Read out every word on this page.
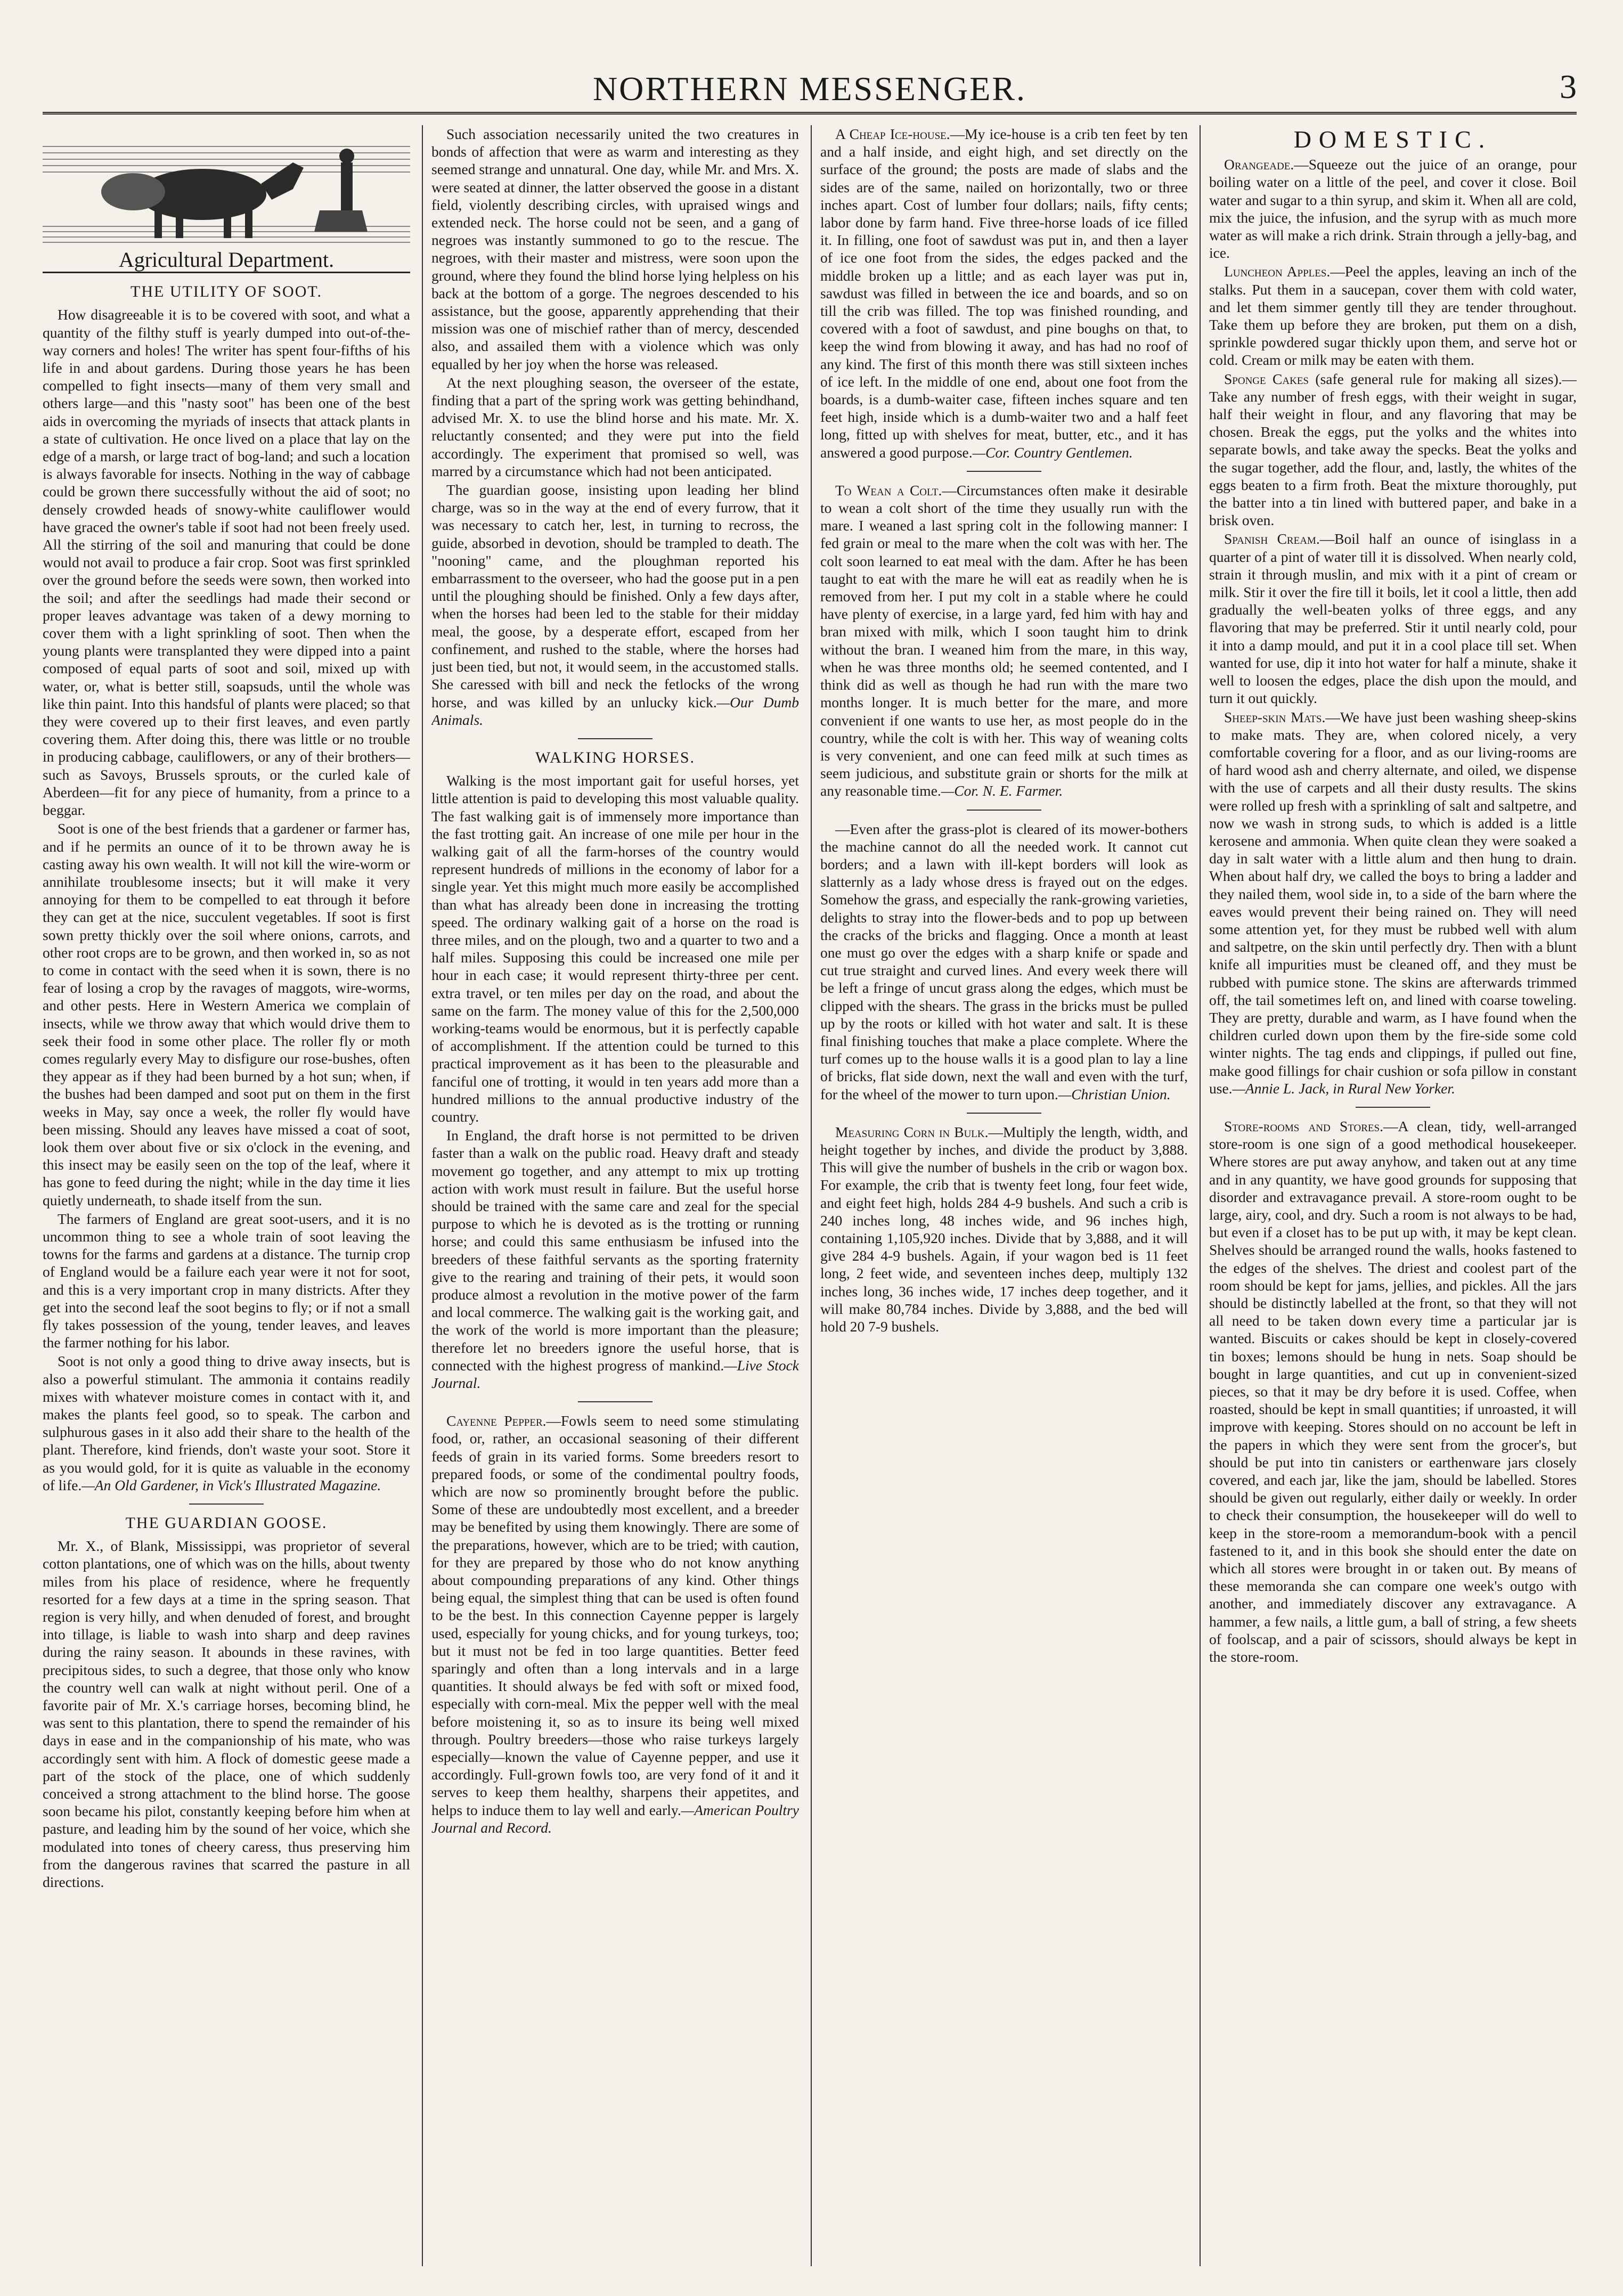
NORTHERN MESSENGER.	3
Agricultural Department.
THE UTILITY OF SOOT.

How disagreeable it is to be covered with soot, and what a quantity of the filthy stuff is yearly dumped into out-of-the-way corners and holes! The writer has spent four-fifths of his life in and about gardens. During those years he has been compelled to fight insects—many of them very small and others large—and this "nasty soot" has been one of the best aids in overcoming the myriads of insects that attack plants in a state of cultivation. He once lived on a place that lay on the edge of a marsh, or large tract of bog-land; and such a location is always favorable for insects. Nothing in the way of cabbage could be grown there successfully without the aid of soot; no densely crowded heads of snowy-white cauliflower would have graced the owner's table if soot had not been freely used. All the stirring of the soil and manuring that could be done would not avail to produce a fair crop. Soot was first sprinkled over the ground before the seeds were sown, then worked into the soil; and after the seedlings had made their second or proper leaves advantage was taken of a dewy morning to cover them with a light sprinkling of soot. Then when the young plants were transplanted they were dipped into a paint composed of equal parts of soot and soil, mixed up with water, or, what is better still, soapsuds, until the whole was like thin paint. Into this handsful of plants were placed; so that they were covered up to their first leaves, and even partly covering them. After doing this, there was little or no trouble in producing cabbage, cauliflowers, or any of their brothers—such as Savoys, Brussels sprouts, or the curled kale of Aberdeen—fit for any piece of humanity, from a prince to a beggar.

Soot is one of the best friends that a gardener or farmer has, and if he permits an ounce of it to be thrown away he is casting away his own wealth. It will not kill the wire-worm or annihilate troublesome insects; but it will make it very annoying for them to be compelled to eat through it before they can get at the nice, succulent vegetables. If soot is first sown pretty thickly over the soil where onions, carrots, and other root crops are to be grown, and then worked in, so as not to come in contact with the seed when it is sown, there is no fear of losing a crop by the ravages of maggots, wire-worms, and other pests. Here in Western America we complain of insects, while we throw away that which would drive them to seek their food in some other place. The roller fly or moth comes regularly every May to disfigure our rose-bushes, often they appear as if they had been burned by a hot sun; when, if the bushes had been damped and soot put on them in the first weeks in May, say once a week, the roller fly would have been missing. Should any leaves have missed a coat of soot, look them over about five or six o'clock in the evening, and this insect may be easily seen on the top of the leaf, where it has gone to feed during the night; while in the day time it lies quietly underneath, to shade itself from the sun.

The farmers of England are great soot-users, and it is no uncommon thing to see a whole train of soot leaving the towns for the farms and gardens at a distance. The turnip crop of England would be a failure each year were it not for soot, and this is a very important crop in many districts. After they get into the second leaf the soot begins to fly; or if not a small fly takes possession of the young, tender leaves, and leaves the farmer nothing for his labor.

Soot is not only a good thing to drive away insects, but is also a powerful stimulant. The ammonia it contains readily mixes with whatever moisture comes in contact with it, and makes the plants feel good, so to speak. The carbon and sulphurous gases in it also add their share to the health of the plant. Therefore, kind friends, don't waste your soot. Store it as you would gold, for it is quite as valuable in the economy of life.—An Old Gardener, in Vick's Illustrated Magazine.

THE GUARDIAN GOOSE.

Mr. X., of Blank, Mississippi, was proprietor of several cotton plantations, one of which was on the hills, about twenty miles from his place of residence, where he frequently resorted for a few days at a time in the spring season. That region is very hilly, and when denuded of forest, and brought into tillage, is liable to wash into sharp and deep ravines during the rainy season. It abounds in these ravines, with precipitous sides, to such a degree, that those only who know the country well can walk at night without peril. One of a favorite pair of Mr. X.'s carriage horses, becoming blind, he was sent to this plantation, there to spend the remainder of his days in ease and in the companionship of his mate, who was accordingly sent with him. A flock of domestic geese made a part of the stock of the place, one of which suddenly conceived a strong attachment to the blind horse. The goose soon became his pilot, constantly keeping before him when at pasture, and leading him by the sound of her voice, which she modulated into tones of cheery caress, thus preserving him from the dangerous ravines that scarred the pasture in all directions.

Such association necessarily united the two creatures in bonds of affection that were as warm and interesting as they seemed strange and unnatural. One day, while Mr. and Mrs. X. were seated at dinner, the latter observed the goose in a distant field, violently describing circles, with upraised wings and extended neck. The horse could not be seen, and a gang of negroes was instantly summoned to go to the rescue. The negroes, with their master and mistress, were soon upon the ground, where they found the blind horse lying helpless on his back at the bottom of a gorge. The negroes descended to his assistance, but the goose, apparently apprehending that their mission was one of mischief rather than of mercy, descended also, and assailed them with a violence which was only equalled by her joy when the horse was released.

At the next ploughing season, the overseer of the estate, finding that a part of the spring work was getting behindhand, advised Mr. X. to use the blind horse and his mate. Mr. X. reluctantly consented; and they were put into the field accordingly. The experiment that promised so well, was marred by a circumstance which had not been anticipated.

The guardian goose, insisting upon leading her blind charge, was so in the way at the end of every furrow, that it was necessary to catch her, lest, in turning to recross, the guide, absorbed in devotion, should be trampled to death. The "nooning" came, and the ploughman reported his embarrassment to the overseer, who had the goose put in a pen until the ploughing should be finished. Only a few days after, when the horses had been led to the stable for their midday meal, the goose, by a desperate effort, escaped from her confinement, and rushed to the stable, where the horses had just been tied, but not, it would seem, in the accustomed stalls. She caressed with bill and neck the fetlocks of the wrong horse, and was killed by an unlucky kick.—Our Dumb Animals.

WALKING HORSES.

Walking is the most important gait for useful horses, yet little attention is paid to developing this most valuable quality. The fast walking gait is of immensely more importance than the fast trotting gait. An increase of one mile per hour in the walking gait of all the farm-horses of the country would represent hundreds of millions in the economy of labor for a single year. Yet this might much more easily be accomplished than what has already been done in increasing the trotting speed. The ordinary walking gait of a horse on the road is three miles, and on the plough, two and a quarter to two and a half miles. Supposing this could be increased one mile per hour in each case; it would represent thirty-three per cent. extra travel, or ten miles per day on the road, and about the same on the farm. The money value of this for the 2,500,000 working-teams would be enormous, but it is perfectly capable of accomplishment. If the attention could be turned to this practical improvement as it has been to the pleasurable and fanciful one of trotting, it would in ten years add more than a hundred millions to the annual productive industry of the country.

In England, the draft horse is not permitted to be driven faster than a walk on the public road. Heavy draft and steady movement go together, and any attempt to mix up trotting action with work must result in failure. But the useful horse should be trained with the same care and zeal for the special purpose to which he is devoted as is the trotting or running horse; and could this same enthusiasm be infused into the breeders of these faithful servants as the sporting fraternity give to the rearing and training of their pets, it would soon produce almost a revolution in the motive power of the farm and local commerce. The walking gait is the working gait, and the work of the world is more important than the pleasure; therefore let no breeders ignore the useful horse, that is connected with the highest progress of mankind.—Live Stock Journal.

Cayenne Pepper.—Fowls seem to need some stimulating food, or, rather, an occasional seasoning of their different feeds of grain in its varied forms. Some breeders resort to prepared foods, or some of the condimental poultry foods, which are now so prominently brought before the public. Some of these are undoubtedly most excellent, and a breeder may be benefited by using them knowingly. There are some of the preparations, however, which are to be tried; with caution, for they are prepared by those who do not know anything about compounding preparations of any kind. Other things being equal, the simplest thing that can be used is often found to be the best. In this connection Cayenne pepper is largely used, especially for young chicks, and for young turkeys, too; but it must not be fed in too large quantities. Better feed sparingly and often than a long intervals and in a large quantities. It should always be fed with soft or mixed food, especially with corn-meal. Mix the pepper well with the meal before moistening it, so as to insure its being well mixed through. Poultry breeders—those who raise turkeys largely especially—known the value of Cayenne pepper, and use it accordingly. Full-grown fowls too, are very fond of it and it serves to keep them healthy, sharpens their appetites, and helps to induce them to lay well and early.—American Poultry Journal and Record.

A Cheap Ice-house.—My ice-house is a crib ten feet by ten and a half inside, and eight high, and set directly on the surface of the ground; the posts are made of slabs and the sides are of the same, nailed on horizontally, two or three inches apart. Cost of lumber four dollars; nails, fifty cents; labor done by farm hand. Five three-horse loads of ice filled it. In filling, one foot of sawdust was put in, and then a layer of ice one foot from the sides, the edges packed and the middle broken up a little; and as each layer was put in, sawdust was filled in between the ice and boards, and so on till the crib was filled. The top was finished rounding, and covered with a foot of sawdust, and pine boughs on that, to keep the wind from blowing it away, and has had no roof of any kind. The first of this month there was still sixteen inches of ice left. In the middle of one end, about one foot from the boards, is a dumb-waiter case, fifteen inches square and ten feet high, inside which is a dumb-waiter two and a half feet long, fitted up with shelves for meat, butter, etc., and it has answered a good purpose.—Cor. Country Gentlemen.

To Wean a Colt.—Circumstances often make it desirable to wean a colt short of the time they usually run with the mare. I weaned a last spring colt in the following manner: I fed grain or meal to the mare when the colt was with her. The colt soon learned to eat meal with the dam. After he has been taught to eat with the mare he will eat as readily when he is removed from her. I put my colt in a stable where he could have plenty of exercise, in a large yard, fed him with hay and bran mixed with milk, which I soon taught him to drink without the bran. I weaned him from the mare, in this way, when he was three months old; he seemed contented, and I think did as well as though he had run with the mare two months longer. It is much better for the mare, and more convenient if one wants to use her, as most people do in the country, while the colt is with her. This way of weaning colts is very convenient, and one can feed milk at such times as seem judicious, and substitute grain or shorts for the milk at any reasonable time.—Cor. N. E. Farmer.

—Even after the grass-plot is cleared of its mower-bothers the machine cannot do all the needed work. It cannot cut borders; and a lawn with ill-kept borders will look as slatternly as a lady whose dress is frayed out on the edges. Somehow the grass, and especially the rank-growing varieties, delights to stray into the flower-beds and to pop up between the cracks of the bricks and flagging. Once a month at least one must go over the edges with a sharp knife or spade and cut true straight and curved lines. And every week there will be left a fringe of uncut grass along the edges, which must be clipped with the shears. The grass in the bricks must be pulled up by the roots or killed with hot water and salt. It is these final finishing touches that make a place complete. Where the turf comes up to the house walls it is a good plan to lay a line of bricks, flat side down, next the wall and even with the turf, for the wheel of the mower to turn upon.—Christian Union.

Measuring Corn in Bulk.—Multiply the length, width, and height together by inches, and divide the product by 3,888. This will give the number of bushels in the crib or wagon box. For example, the crib that is twenty feet long, four feet wide, and eight feet high, holds 284 4-9 bushels. And such a crib is 240 inches long, 48 inches wide, and 96 inches high, containing 1,105,920 inches. Divide that by 3,888, and it will give 284 4-9 bushels. Again, if your wagon bed is 11 feet long, 2 feet wide, and seventeen inches deep, multiply 132 inches long, 36 inches wide, 17 inches deep together, and it will make 80,784 inches. Divide by 3,888, and the bed will hold 20 7-9 bushels.

DOMESTIC.

Orangeade.—Squeeze out the juice of an orange, pour boiling water on a little of the peel, and cover it close. Boil water and sugar to a thin syrup, and skim it. When all are cold, mix the juice, the infusion, and the syrup with as much more water as will make a rich drink. Strain through a jelly-bag, and ice.

Luncheon Apples.—Peel the apples, leaving an inch of the stalks. Put them in a saucepan, cover them with cold water, and let them simmer gently till they are tender throughout. Take them up before they are broken, put them on a dish, sprinkle powdered sugar thickly upon them, and serve hot or cold. Cream or milk may be eaten with them.

Sponge Cakes (safe general rule for making all sizes).—Take any number of fresh eggs, with their weight in sugar, half their weight in flour, and any flavoring that may be chosen. Break the eggs, put the yolks and the whites into separate bowls, and take away the specks. Beat the yolks and the sugar together, add the flour, and, lastly, the whites of the eggs beaten to a firm froth. Beat the mixture thoroughly, put the batter into a tin lined with buttered paper, and bake in a brisk oven.

Spanish Cream.—Boil half an ounce of isinglass in a quarter of a pint of water till it is dissolved. When nearly cold, strain it through muslin, and mix with it a pint of cream or milk. Stir it over the fire till it boils, let it cool a little, then add gradually the well-beaten yolks of three eggs, and any flavoring that may be preferred. Stir it until nearly cold, pour it into a damp mould, and put it in a cool place till set. When wanted for use, dip it into hot water for half a minute, shake it well to loosen the edges, place the dish upon the mould, and turn it out quickly.

Sheep-skin Mats.—We have just been washing sheep-skins to make mats. They are, when colored nicely, a very comfortable covering for a floor, and as our living-rooms are of hard wood ash and cherry alternate, and oiled, we dispense with the use of carpets and all their dusty results. The skins were rolled up fresh with a sprinkling of salt and saltpetre, and now we wash in strong suds, to which is added is a little kerosene and ammonia. When quite clean they were soaked a day in salt water with a little alum and then hung to drain. When about half dry, we called the boys to bring a ladder and they nailed them, wool side in, to a side of the barn where the eaves would prevent their being rained on. They will need some attention yet, for they must be rubbed well with alum and saltpetre, on the skin until perfectly dry. Then with a blunt knife all impurities must be cleaned off, and they must be rubbed with pumice stone. The skins are afterwards trimmed off, the tail sometimes left on, and lined with coarse toweling. They are pretty, durable and warm, as I have found when the children curled down upon them by the fire-side some cold winter nights. The tag ends and clippings, if pulled out fine, make good fillings for chair cushion or sofa pillow in constant use.—Annie L. Jack, in Rural New Yorker.

Store-rooms and Stores.—A clean, tidy, well-arranged store-room is one sign of a good methodical housekeeper. Where stores are put away anyhow, and taken out at any time and in any quantity, we have good grounds for supposing that disorder and extravagance prevail. A store-room ought to be large, airy, cool, and dry. Such a room is not always to be had, but even if a closet has to be put up with, it may be kept clean. Shelves should be arranged round the walls, hooks fastened to the edges of the shelves. The driest and coolest part of the room should be kept for jams, jellies, and pickles. All the jars should be distinctly labelled at the front, so that they will not all need to be taken down every time a particular jar is wanted. Biscuits or cakes should be kept in closely-covered tin boxes; lemons should be hung in nets. Soap should be bought in large quantities, and cut up in convenient-sized pieces, so that it may be dry before it is used. Coffee, when roasted, should be kept in small quantities; if unroasted, it will improve with keeping. Stores should on no account be left in the papers in which they were sent from the grocer's, but should be put into tin canisters or earthenware jars closely covered, and each jar, like the jam, should be labelled. Stores should be given out regularly, either daily or weekly. In order to check their consumption, the housekeeper will do well to keep in the store-room a memorandum-book with a pencil fastened to it, and in this book she should enter the date on which all stores were brought in or taken out. By means of these memoranda she can compare one week's outgo with another, and immediately discover any extravagance. A hammer, a few nails, a little gum, a ball of string, a few sheets of foolscap, and a pair of scissors, should always be kept in the store-room.
